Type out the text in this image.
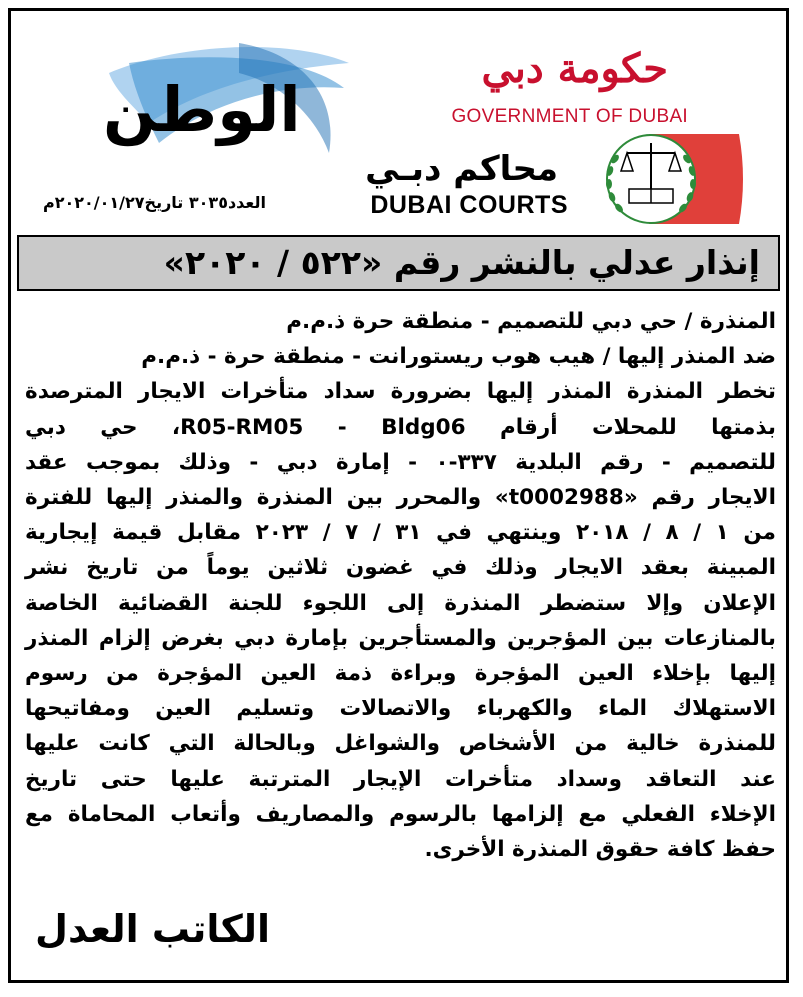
الوطن
العدد٣٠٣٥ تاريخ٢٠٢٠/٠١/٢٧م
حكومة دبي
GOVERNMENT OF DUBAI
محاكم دبـي
DUBAI COURTS
إنذار عدلي بالنشر رقم «٥٢٢ / ٢٠٢٠»
المنذرة / حي دبي للتصميم - منطقة حرة ذ.م.م
ضد المنذر إليها / هيب هوب ريستورانت - منطقة حرة - ذ.م.م
تخطر المنذرة المنذر إليها بضرورة سداد متأخرات الايجار المترصدة
بذمتها للمحلات أرقام R05-RM05 - Bldg06، حي دبي
للتصميم - رقم البلدية ٣٣٧-٠ - إمارة دبي - وذلك بموجب عقد
الايجار رقم «t0002988» والمحرر بين المنذرة والمنذر إليها للفترة
من ١ / ٨ / ٢٠١٨ وينتهي في ٣١ / ٧ / ٢٠٢٣ مقابل قيمة إيجارية
المبينة بعقد الايجار وذلك في غضون ثلاثين يوماً من تاريخ نشر
الإعلان وإلا ستضطر المنذرة إلى اللجوء للجنة القضائية الخاصة
بالمنازعات بين المؤجرين والمستأجرين بإمارة دبي بغرض إلزام المنذر
إليها بإخلاء العين المؤجرة وبراءة ذمة العين المؤجرة من رسوم
الاستهلاك الماء والكهرباء والاتصالات وتسليم العين ومفاتيحها
للمنذرة خالية من الأشخاص والشواغل وبالحالة التي كانت عليها
عند التعاقد وسداد متأخرات الإيجار المترتبة عليها حتى تاريخ
الإخلاء الفعلي مع إلزامها بالرسوم والمصاريف وأتعاب المحاماة مع
حفظ كافة حقوق المنذرة الأخرى.
الكاتب العدل
